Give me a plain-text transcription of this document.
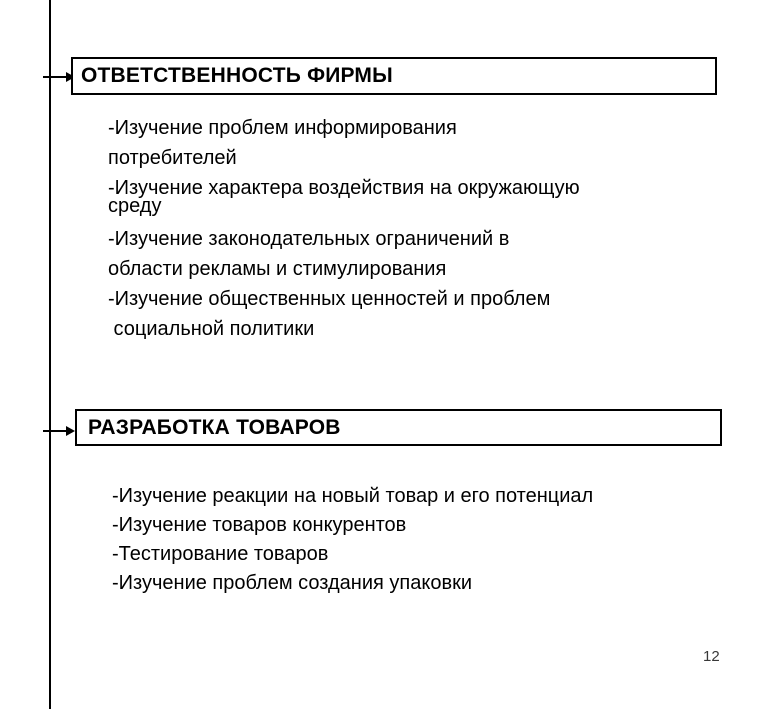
ОТВЕТСТВЕННОСТЬ ФИРМЫ
-Изучение проблем информирования
потребителей
-Изучение характера воздействия на окружающую
среду
-Изучение законодательных ограничений в
области рекламы и стимулирования
-Изучение общественных ценностей и проблем
социальной политики
РАЗРАБОТКА ТОВАРОВ
-Изучение реакции на новый товар и его потенциал
-Изучение товаров конкурентов
-Тестирование товаров
-Изучение проблем создания упаковки
12
